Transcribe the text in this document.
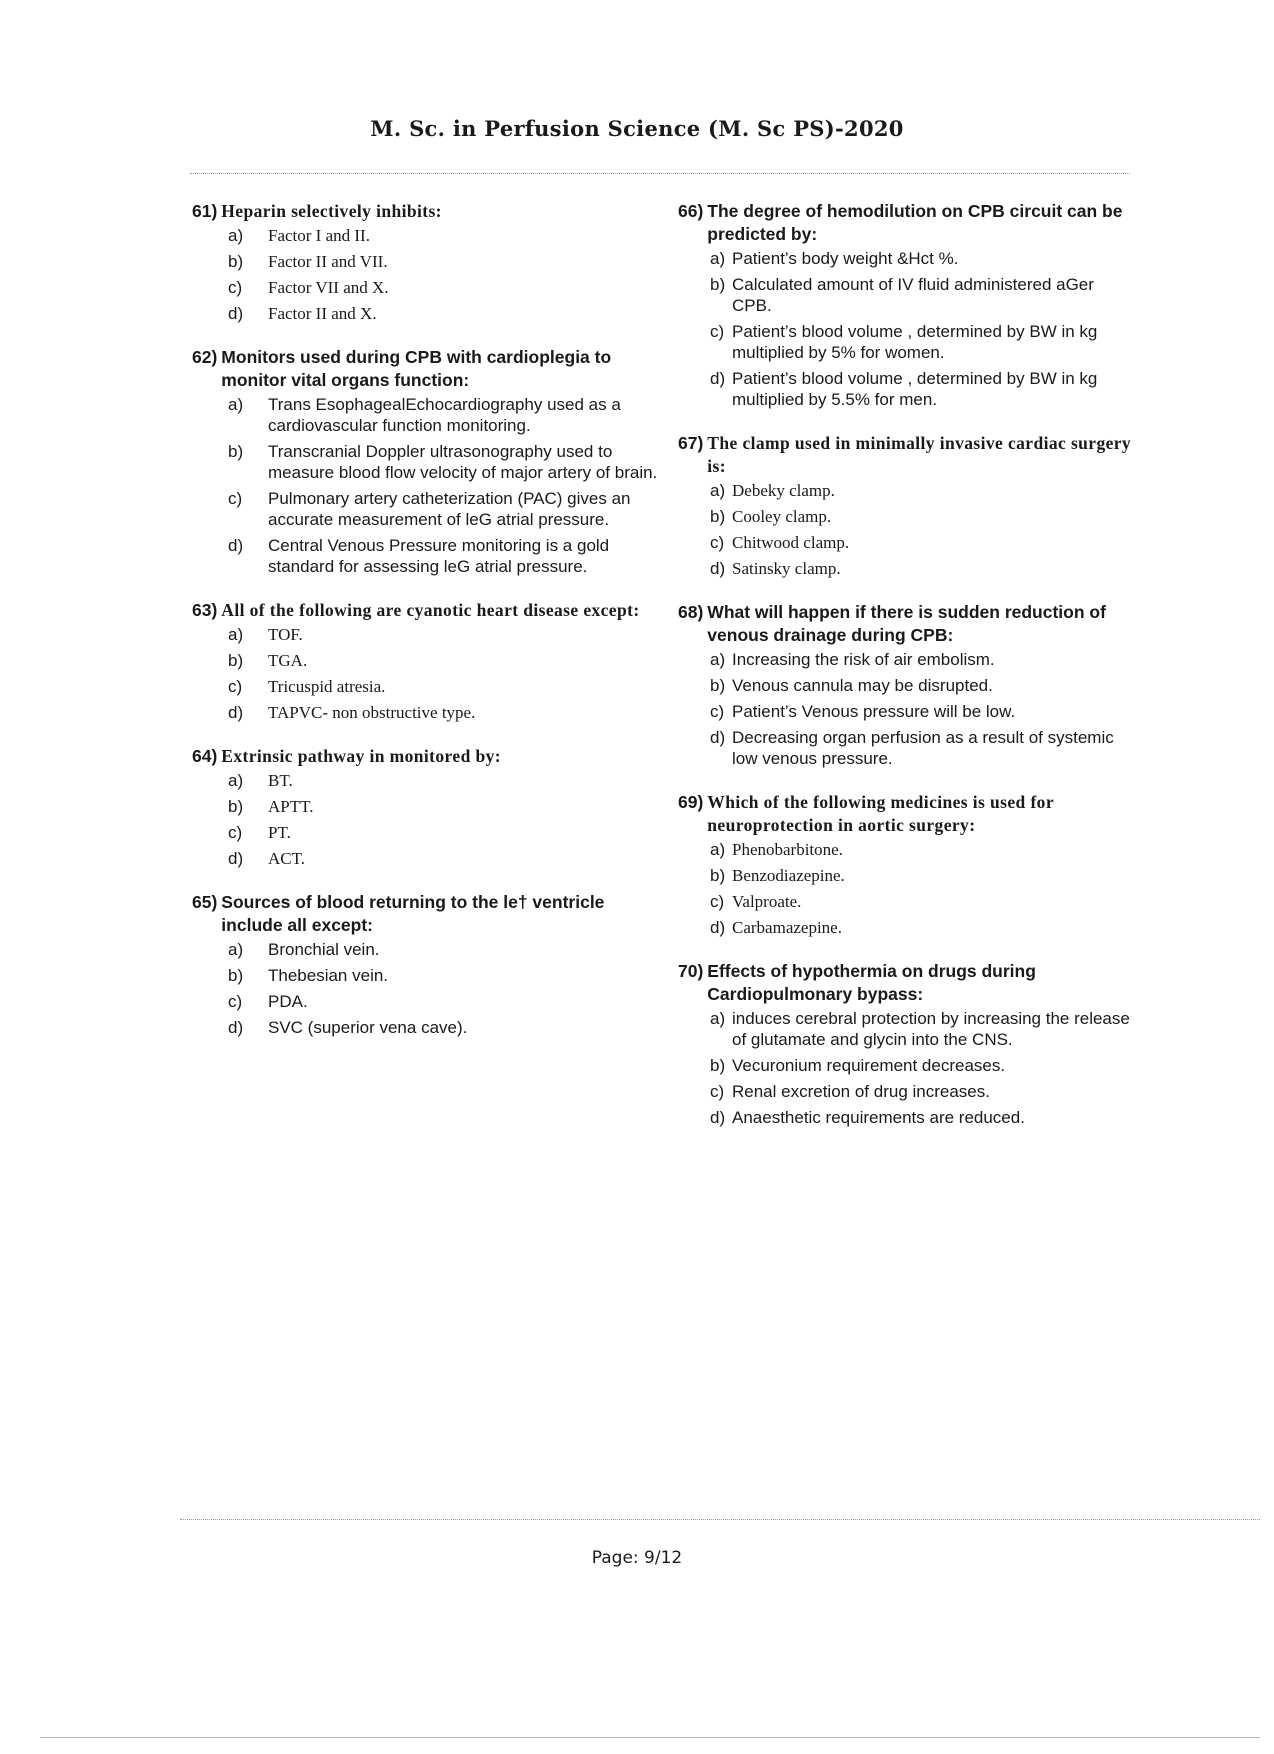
M. Sc. in Perfusion Science (M. Sc PS)-2020
61) Heparin selectively inhibits:
a)	Factor I and II.
b)	Factor II and VII.
c)	Factor VII and X.
d)	Factor II and X.
62) Monitors used during CPB with cardioplegia to monitor vital organs function:
a)	Trans EsophagealEchocardiography used as a cardiovascular function monitoring.
b)	Transcranial Doppler ultrasonography used to measure blood flow velocity of major artery of brain.
c)	Pulmonary artery catheterization (PAC) gives an accurate measurement of leG atrial pressure.
d)	Central Venous Pressure monitoring is a gold standard for assessing leG atrial pressure.
63) All of the following are cyanotic heart disease except:
a)	TOF.
b)	TGA.
c)	Tricuspid atresia.
d)	TAPVC- non obstructive type.
64) Extrinsic pathway in monitored by:
a)	BT.
b)	APTT.
c)	PT.
d)	ACT.
65) Sources of blood returning to the le† ventricle include all except:
a)	Bronchial vein.
b)	Thebesian vein.
c)	PDA.
d)	SVC (superior vena cave).
66) The degree of hemodilution on CPB circuit can be predicted by:
a) Patient’s body weight &Hct %.
b) Calculated amount of IV fluid administered aGer CPB.
c) Patient’s blood volume , determined by BW in kg multiplied by 5% for women.
d) Patient’s blood volume , determined by BW in kg multiplied by 5.5% for men.
67) The clamp used in minimally invasive cardiac surgery is:
a) Debeky clamp.
b) Cooley clamp.
c) Chitwood clamp.
d) Satinsky clamp.
68) What will happen if there is sudden reduction of venous drainage during CPB:
a) Increasing the risk of air embolism.
b) Venous cannula may be disrupted.
c) Patient’s Venous pressure will be low.
d) Decreasing organ perfusion as a result of systemic low venous pressure.
69) Which of the following medicines is used for neuroprotection in aortic surgery:
a) Phenobarbitone.
b) Benzodiazepine.
c) Valproate.
d) Carbamazepine.
70) Effects of hypothermia on drugs during Cardiopulmonary bypass:
a) induces cerebral protection by increasing the release of glutamate and glycin into the CNS.
b) Vecuronium requirement decreases.
c) Renal excretion of drug increases.
d) Anaesthetic requirements are reduced.
Page: 9/12
